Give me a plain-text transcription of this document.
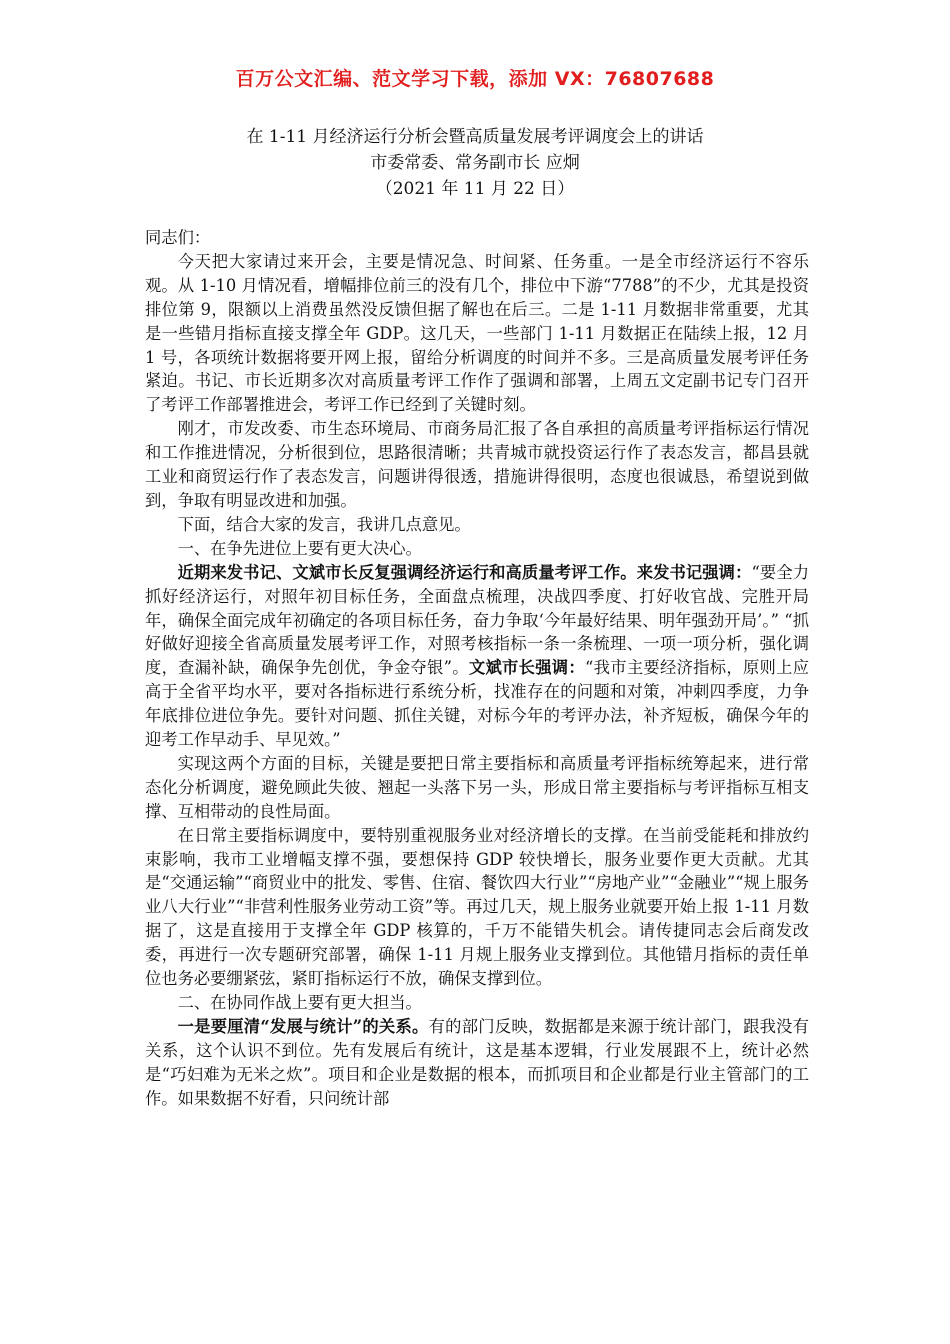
百万公文汇编、范文学习下载，添加 VX：76807688
在 1-11 月经济运行分析会暨高质量发展考评调度会上的讲话
市委常委、常务副市长 应炯
（2021 年 11 月 22 日）

同志们：

今天把大家请过来开会，主要是情况急、时间紧、任务重。一是全市经济运行不容乐观。从 1-10 月情况看，增幅排位前三的没有几个，排位中下游“7788”的不少，尤其是投资排位第 9，限额以上消费虽然没反馈但据了解也在后三。二是 1-11 月数据非常重要，尤其是一些错月指标直接支撑全年 GDP。这几天，一些部门 1-11 月数据正在陆续上报，12 月 1 号，各项统计数据将要开网上报，留给分析调度的时间并不多。三是高质量发展考评任务紧迫。书记、市长近期多次对高质量考评工作作了强调和部署，上周五文定副书记专门召开了考评工作部署推进会，考评工作已经到了关键时刻。

刚才，市发改委、市生态环境局、市商务局汇报了各自承担的高质量考评指标运行情况和工作推进情况，分析很到位，思路很清晰；共青城市就投资运行作了表态发言，都昌县就工业和商贸运行作了表态发言，问题讲得很透，措施讲得很明，态度也很诚恳，希望说到做到，争取有明显改进和加强。

下面，结合大家的发言，我讲几点意见。

一、在争先进位上要有更大决心。

近期来发书记、文斌市长反复强调经济运行和高质量考评工作。来发书记强调：“要全力抓好经济运行，对照年初目标任务，全面盘点梳理，决战四季度、打好收官战、完胜开局年，确保全面完成年初确定的各项目标任务，奋力争取‘今年最好结果、明年强劲开局’。” “抓好做好迎接全省高质量发展考评工作，对照考核指标一条一条梳理、一项一项分析，强化调度，查漏补缺，确保争先创优，争金夺银”。文斌市长强调：“我市主要经济指标，原则上应高于全省平均水平，要对各指标进行系统分析，找准存在的问题和对策，冲刺四季度，力争年底排位进位争先。要针对问题、抓住关键，对标今年的考评办法，补齐短板，确保今年的迎考工作早动手、早见效。”

实现这两个方面的目标，关键是要把日常主要指标和高质量考评指标统筹起来，进行常态化分析调度，避免顾此失彼、翘起一头落下另一头，形成日常主要指标与考评指标互相支撑、互相带动的良性局面。

在日常主要指标调度中，要特别重视服务业对经济增长的支撑。在当前受能耗和排放约束影响，我市工业增幅支撑不强，要想保持 GDP 较快增长，服务业要作更大贡献。尤其是“交通运输”“商贸业中的批发、零售、住宿、餐饮四大行业”“房地产业”“金融业”“规上服务业八大行业”“非营利性服务业劳动工资”等。再过几天，规上服务业就要开始上报 1-11 月数据了，这是直接用于支撑全年 GDP 核算的，千万不能错失机会。请传捷同志会后商发改委，再进行一次专题研究部署，确保 1-11 月规上服务业支撑到位。其他错月指标的责任单位也务必要绷紧弦，紧盯指标运行不放，确保支撑到位。

二、在协同作战上要有更大担当。

一是要厘清“发展与统计”的关系。有的部门反映，数据都是来源于统计部门，跟我没有关系，这个认识不到位。先有发展后有统计，这是基本逻辑，行业发展跟不上，统计必然是“巧妇难为无米之炊”。项目和企业是数据的根本，而抓项目和企业都是行业主管部门的工作。如果数据不好看，只问统计部
